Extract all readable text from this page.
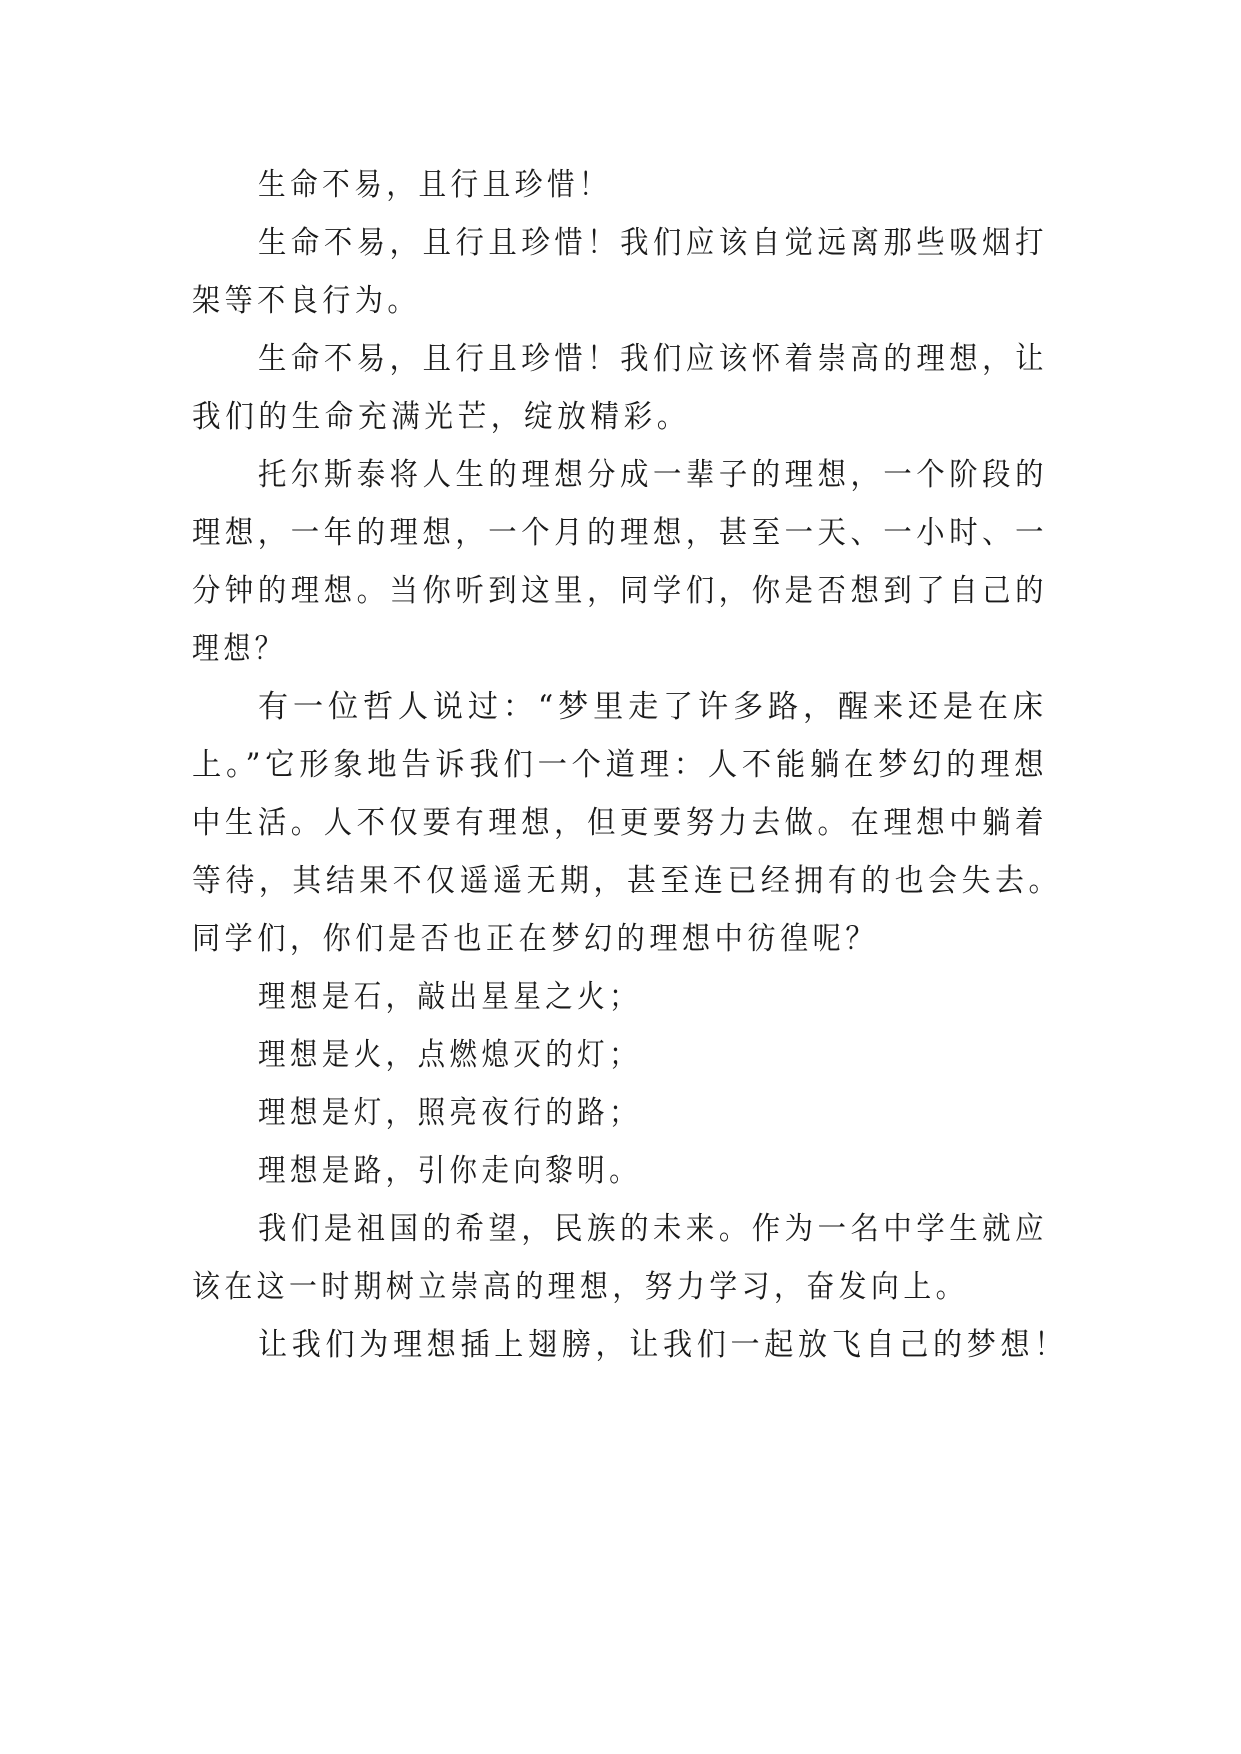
生命不易，且行且珍惜！
生命不易，且行且珍惜！我们应该自觉远离那些吸烟打
架等不良行为。
生命不易，且行且珍惜！我们应该怀着崇高的理想，让
我们的生命充满光芒，绽放精彩。
托尔斯泰将人生的理想分成一辈子的理想，一个阶段的
理想，一年的理想，一个月的理想，甚至一天、一小时、一
分钟的理想。当你听到这里，同学们，你是否想到了自己的
理想？
有一位哲人说过：“梦里走了许多路，醒来还是在床
上。”它形象地告诉我们一个道理：人不能躺在梦幻的理想
中生活。人不仅要有理想，但更要努力去做。在理想中躺着
等待，其结果不仅遥遥无期，甚至连已经拥有的也会失去。
同学们，你们是否也正在梦幻的理想中彷徨呢？
理想是石，敲出星星之火；
理想是火，点燃熄灭的灯；
理想是灯，照亮夜行的路；
理想是路，引你走向黎明。
我们是祖国的希望，民族的未来。作为一名中学生就应
该在这一时期树立崇高的理想，努力学习，奋发向上。
让我们为理想插上翅膀，让我们一起放飞自己的梦想！
